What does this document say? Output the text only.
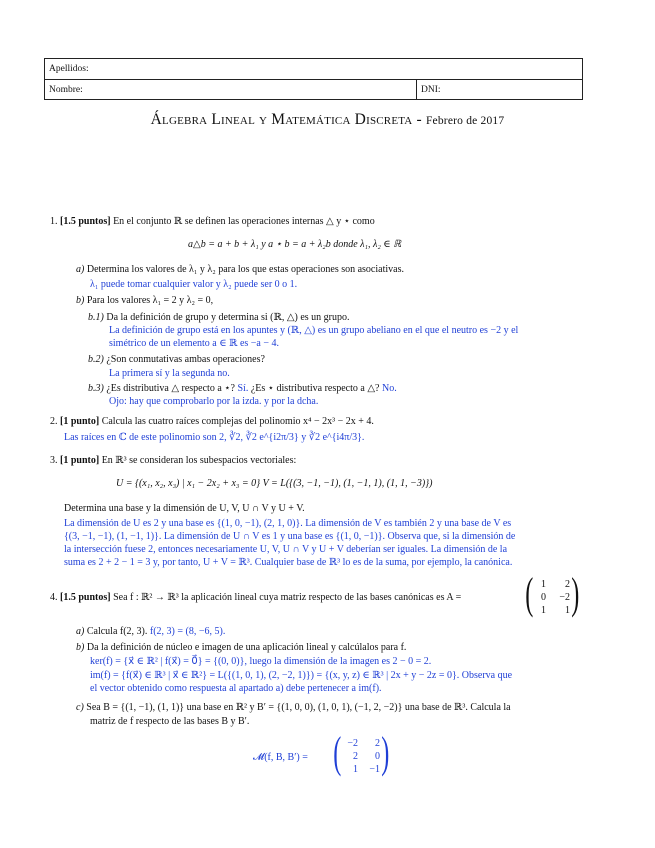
Apellidos:
Nombre:	DNI:
Álgebra Lineal y Matemática Discreta - Febrero de 2017
1. [1.5 puntos] En el conjunto ℝ se definen las operaciones internas △ y ⋆ como
a△b = a + b + λ₁ y a ⋆ b = a + λ₂b donde λ₁, λ₂ ∈ ℝ
a) Determina los valores de λ₁ y λ₂ para los que estas operaciones son asociativas.
λ₁ puede tomar cualquier valor y λ₂ puede ser 0 o 1.
b) Para los valores λ₁ = 2 y λ₂ = 0,
b.1) Da la definición de grupo y determina si (ℝ, △) es un grupo.
La definición de grupo está en los apuntes y (ℝ, △) es un grupo abeliano en el que el neutro es −2 y el
simétrico de un elemento a ∈ ℝ es −a − 4.
b.2) ¿Son conmutativas ambas operaciones?
La primera sí y la segunda no.
b.3) ¿Es distributiva △ respecto a ⋆? Sí. ¿Es ⋆ distributiva respecto a △? No.
Ojo: hay que comprobarlo por la izda. y por la dcha.
2. [1 punto] Calcula las cuatro raíces complejas del polinomio x⁴ − 2x³ − 2x + 4.
Las raíces en ℂ de este polinomio son 2, ∛2, ∛2 e^{i2π/3} y ∛2 e^{i4π/3}.
3. [1 punto] En ℝ³ se consideran los subespacios vectoriales:
U = {(x₁, x₂, x₃) | x₁ − 2x₂ + x₃ = 0} V = L({(3, −1, −1), (1, −1, 1), (1, 1, −3)})
Determina una base y la dimensión de U, V, U ∩ V y U + V.
La dimensión de U es 2 y una base es {(1, 0, −1), (2, 1, 0)}. La dimensión de V es también 2 y una base de V es
{(3, −1, −1), (1, −1, 1)}. La dimensión de U ∩ V es 1 y una base es {(1, 0, −1)}. Observa que, si la dimensión de
la intersección fuese 2, entonces necesariamente U, V, U ∩ V y U + V deberían ser iguales. La dimensión de la
suma es 2 + 2 − 1 = 3 y, por tanto, U + V = ℝ³. Cualquier base de ℝ³ lo es de la suma, por ejemplo, la canónica.
4. [1.5 puntos] Sea f : ℝ² → ℝ³ la aplicación lineal cuya matriz respecto de las bases canónicas es A = ( )
1	2
0	−2
1	1
a) Calcula f(2, 3). f(2, 3) = (8, −6, 5).
b) Da la definición de núcleo e imagen de una aplicación lineal y calcúlalos para f.
ker(f) = {x⃗ ∈ ℝ² | f(x⃗) = 0⃗} = {(0, 0)}, luego la dimensión de la imagen es 2 − 0 = 2.
im(f) = {f(x⃗) ∈ ℝ³ | x⃗ ∈ ℝ²} = L({(1, 0, 1), (2, −2, 1)}) = {(x, y, z) ∈ ℝ³ | 2x + y − 2z = 0}. Observa que
el vector obtenido como respuesta al apartado a) debe pertenecer a im(f).
c) Sea B = {(1, −1), (1, 1)} una base en ℝ² y B′ = {(1, 0, 0), (1, 0, 1), (−1, 2, −2)} una base de ℝ³. Calcula la
matriz de f respecto de las bases B y B′.
𝓜(f, B, B′) = ( )
−2	2
2	0
1	−1
